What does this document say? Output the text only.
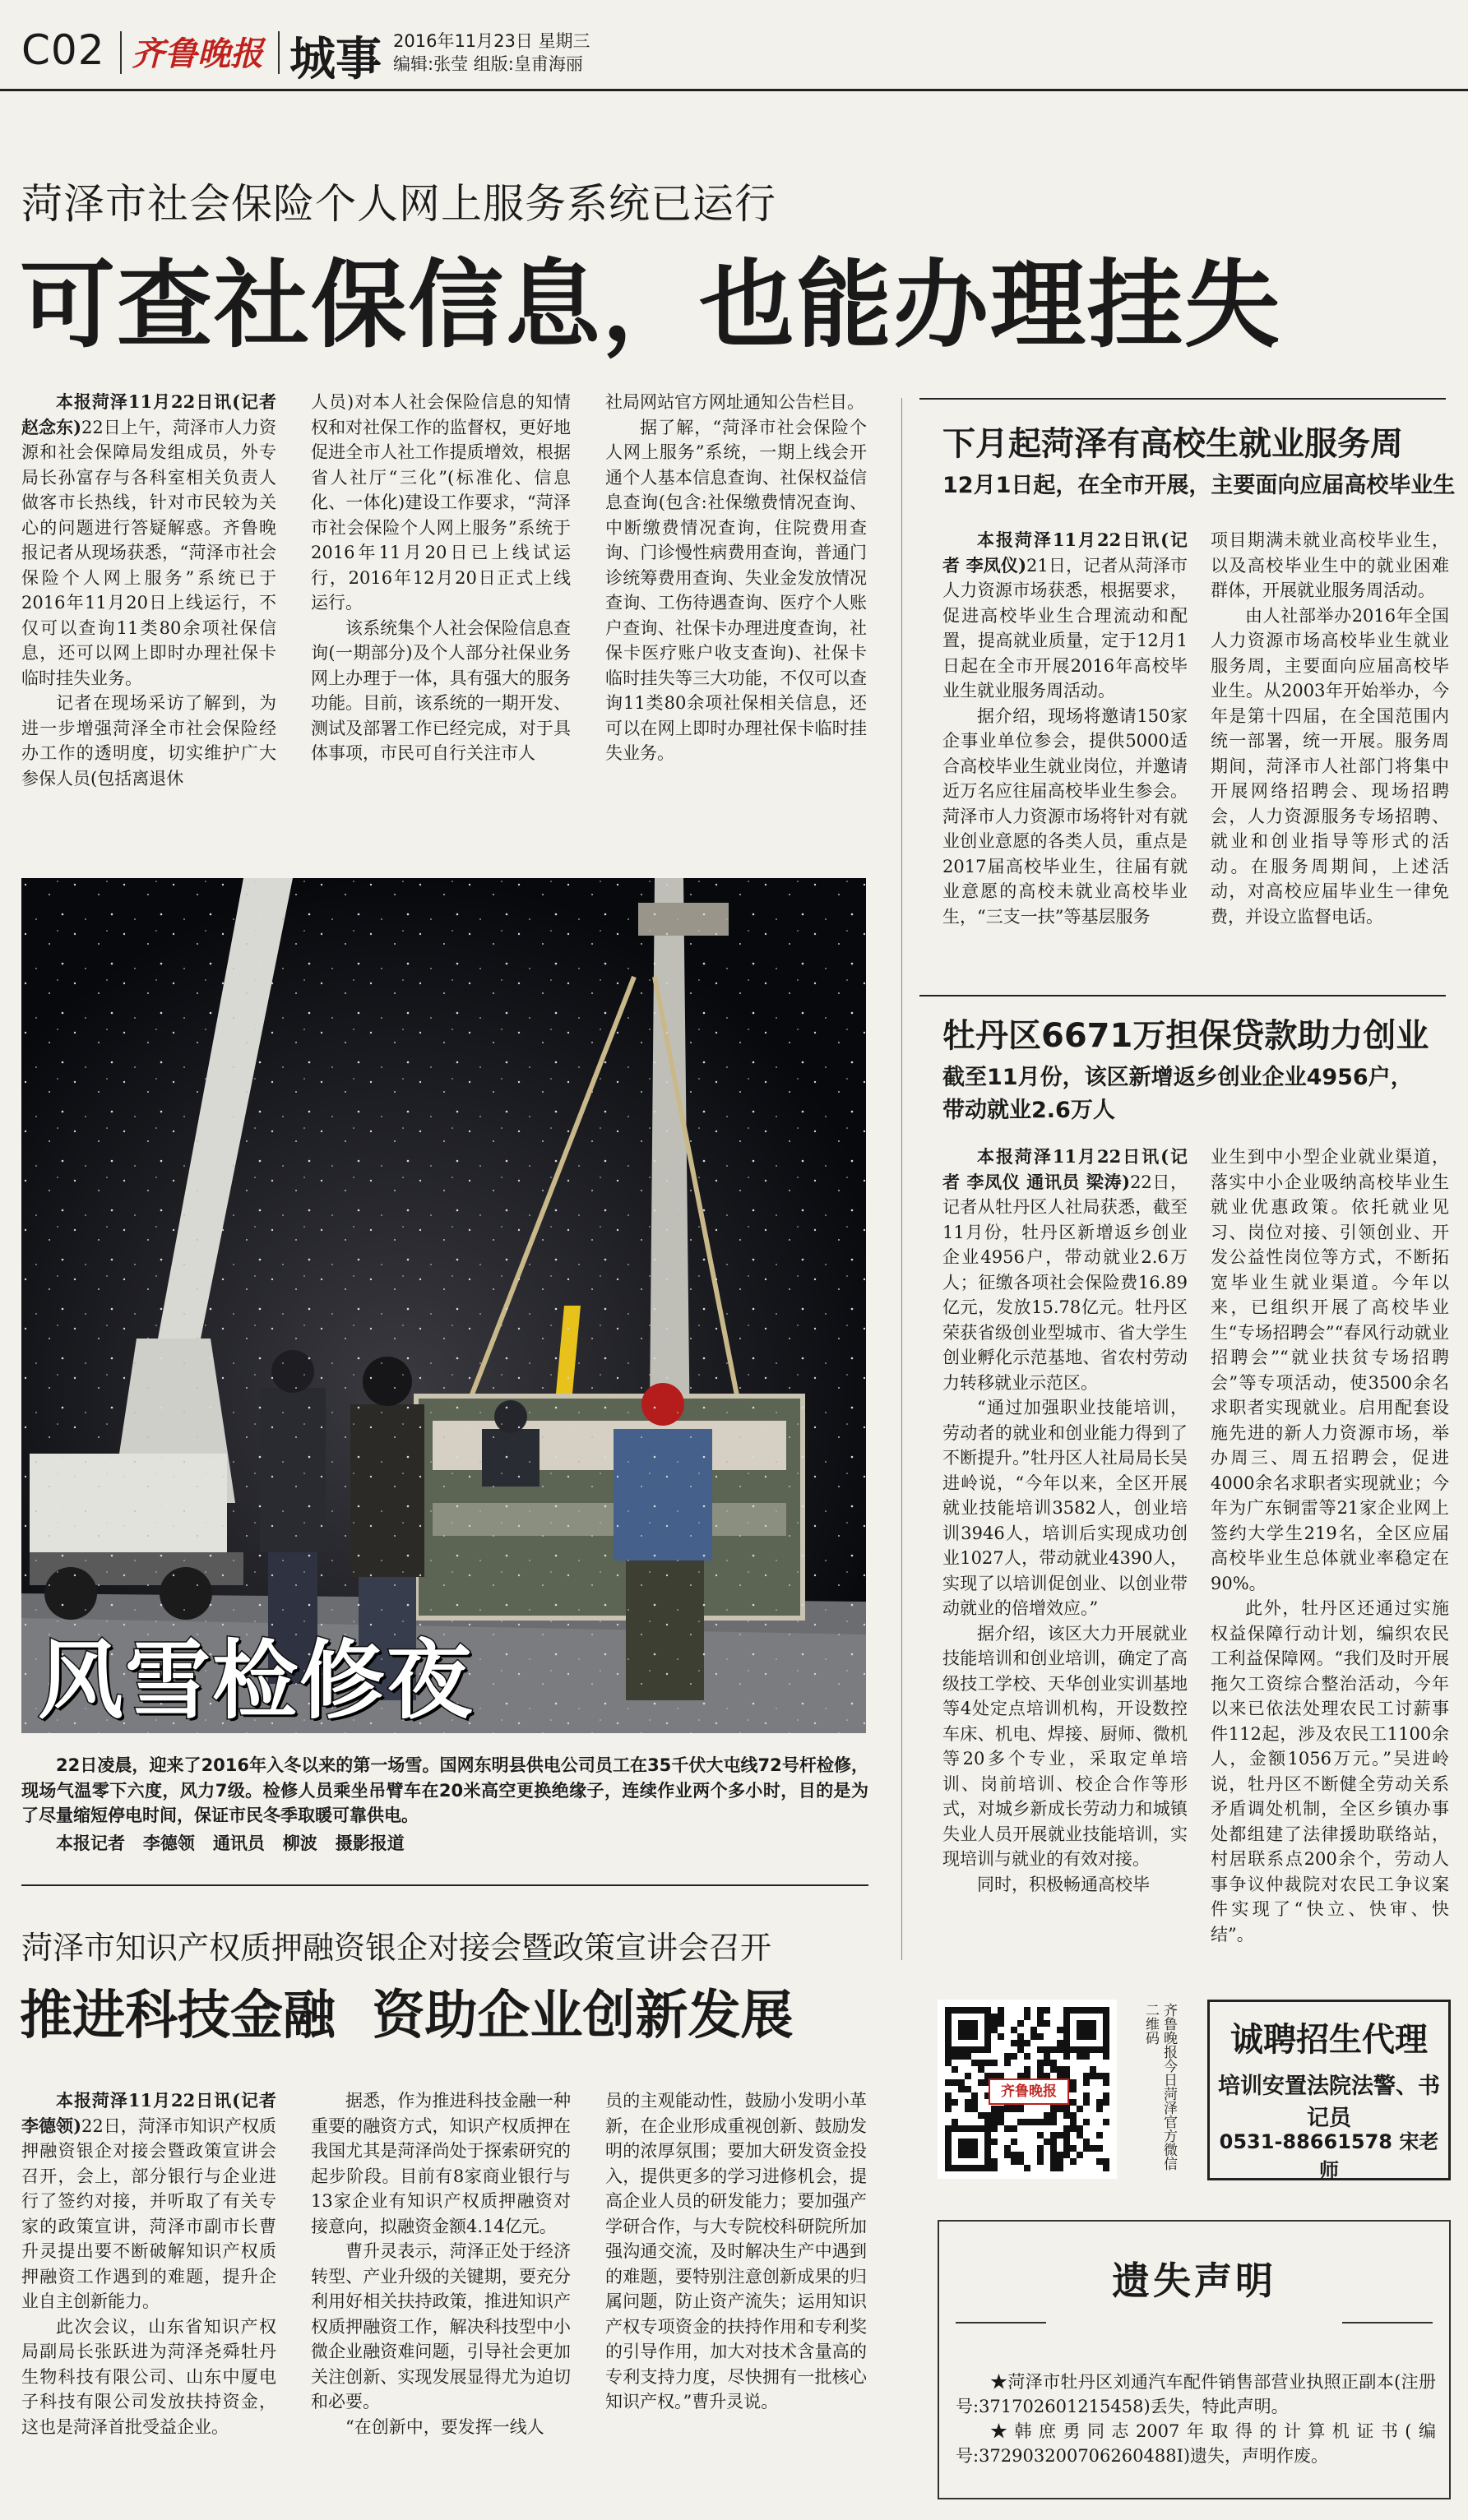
C02 齐鲁晚报 城事 2016年11月23日 星期三
编辑:张莹 组版:皇甫海丽
菏泽市社会保险个人网上服务系统已运行
可查社保信息，也能办理挂失

本报菏泽11月22日讯(记者 赵念东)22日上午，菏泽市人力资源和社会保障局发组成员，外专局长孙富存与各科室相关负责人做客市长热线，针对市民较为关心的问题进行答疑解惑。齐鲁晚报记者从现场获悉，“菏泽市社会保险个人网上服务”系统已于2016年11月20日上线运行，不仅可以查询11类80余项社保信息，还可以网上即时办理社保卡临时挂失业务。

记者在现场采访了解到，为进一步增强菏泽全市社会保险经办工作的透明度，切实维护广大参保人员(包括离退休

人员)对本人社会保险信息的知情权和对社保工作的监督权，更好地促进全市人社工作提质增效，根据省人社厅“三化”(标准化、信息化、一体化)建设工作要求，“菏泽市社会保险个人网上服务”系统于2016年11月20日已上线试运行，2016年12月20日正式上线运行。

该系统集个人社会保险信息查询(一期部分)及个人部分社保业务网上办理于一体，具有强大的服务功能。目前，该系统的一期开发、测试及部署工作已经完成，对于具体事项，市民可自行关注市人

社局网站官方网址通知公告栏目。

据了解，“菏泽市社会保险个人网上服务”系统，一期上线会开通个人基本信息查询、社保权益信息查询(包含:社保缴费情况查询、中断缴费情况查询，住院费用查询、门诊慢性病费用查询，普通门诊统筹费用查询、失业金发放情况查询、工伤待遇查询、医疗个人账户查询、社保卡办理进度查询，社保卡医疗账户收支查询)、社保卡临时挂失等三大功能，不仅可以查询11类80余项社保相关信息，还可以在网上即时办理社保卡临时挂失业务。

下月起菏泽有高校生就业服务周
12月1日起，在全市开展，主要面向应届高校毕业生

本报菏泽11月22日讯(记者 李凤仪)21日，记者从菏泽市人力资源市场获悉，根据要求，促进高校毕业生合理流动和配置，提高就业质量，定于12月1日起在全市开展2016年高校毕业生就业服务周活动。

据介绍，现场将邀请150家企事业单位参会，提供5000适合高校毕业生就业岗位，并邀请近万名应往届高校毕业生参会。菏泽市人力资源市场将针对有就业创业意愿的各类人员，重点是2017届高校毕业生，往届有就业意愿的高校未就业高校毕业生，“三支一扶”等基层服务

项目期满未就业高校毕业生，以及高校毕业生中的就业困难群体，开展就业服务周活动。

由人社部举办2016年全国人力资源市场高校毕业生就业服务周，主要面向应届高校毕业生。从2003年开始举办，今年是第十四届，在全国范围内统一部署，统一开展。服务周期间，菏泽市人社部门将集中开展网络招聘会、现场招聘会，人力资源服务专场招聘、就业和创业指导等形式的活动。在服务周期间，上述活动，对高校应届毕业生一律免费，并设立监督电话。

牡丹区6671万担保贷款助力创业
截至11月份，该区新增返乡创业企业4956户，
带动就业2.6万人

本报菏泽11月22日讯(记者 李凤仪 通讯员 梁涛)22日，记者从牡丹区人社局获悉，截至11月份，牡丹区新增返乡创业企业4956户，带动就业2.6万人；征缴各项社会保险费16.89亿元，发放15.78亿元。牡丹区荣获省级创业型城市、省大学生创业孵化示范基地、省农村劳动力转移就业示范区。

“通过加强职业技能培训，劳动者的就业和创业能力得到了不断提升。”牡丹区人社局局长吴进岭说，“今年以来，全区开展就业技能培训3582人，创业培训3946人，培训后实现成功创业1027人，带动就业4390人，实现了以培训促创业、以创业带动就业的倍增效应。”

据介绍，该区大力开展就业技能培训和创业培训，确定了高级技工学校、天华创业实训基地等4处定点培训机构，开设数控车床、机电、焊接、厨师、微机等20多个专业，采取定单培训、岗前培训、校企合作等形式，对城乡新成长劳动力和城镇失业人员开展就业技能培训，实现培训与就业的有效对接。

同时，积极畅通高校毕

业生到中小型企业就业渠道，落实中小企业吸纳高校毕业生就业优惠政策。依托就业见习、岗位对接、引领创业、开发公益性岗位等方式，不断拓宽毕业生就业渠道。今年以来，已组织开展了高校毕业生“专场招聘会”“春风行动就业招聘会”“就业扶贫专场招聘会”等专项活动，使3500余名求职者实现就业。启用配套设施先进的新人力资源市场，举办周三、周五招聘会，促进4000余名求职者实现就业；今年为广东铜雷等21家企业网上签约大学生219名，全区应届高校毕业生总体就业率稳定在90%。

此外，牡丹区还通过实施权益保障行动计划，编织农民工利益保障网。“我们及时开展拖欠工资综合整治活动，今年以来已依法处理农民工讨薪事件112起，涉及农民工1100余人，金额1056万元。”吴进岭说，牡丹区不断健全劳动关系矛盾调处机制，全区乡镇办事处都组建了法律援助联络站，村居联系点200余个，劳动人事争议仲裁院对农民工争议案件实现了“快立、快审、快结”。

风雪检修夜
22日凌晨，迎来了2016年入冬以来的第一场雪。国网东明县供电公司员工在35千伏大屯线72号杆检修，现场气温零下六度，风力7级。检修人员乘坐吊臂车在20米高空更换绝缘子，连续作业两个多小时，目的是为了尽量缩短停电时间，保证市民冬季取暖可靠供电。
本报记者   李德领   通讯员   柳波   摄影报道
菏泽市知识产权质押融资银企对接会暨政策宣讲会召开
推进科技金融  资助企业创新发展

本报菏泽11月22日讯(记者 李德领)22日，菏泽市知识产权质押融资银企对接会暨政策宣讲会召开，会上，部分银行与企业进行了签约对接，并听取了有关专家的政策宣讲，菏泽市副市长曹升灵提出要不断破解知识产权质押融资工作遇到的难题，提升企业自主创新能力。

此次会议，山东省知识产权局副局长张跃进为菏泽尧舜牡丹生物科技有限公司、山东中厦电子科技有限公司发放扶持资金，这也是菏泽首批受益企业。

据悉，作为推进科技金融一种重要的融资方式，知识产权质押在我国尤其是菏泽尚处于探索研究的起步阶段。目前有8家商业银行与13家企业有知识产权质押融资对接意向，拟融资金额4.14亿元。

曹升灵表示，菏泽正处于经济转型、产业升级的关键期，要充分利用好相关扶持政策，推进知识产权质押融资工作，解决科技型中小微企业融资难问题，引导社会更加关注创新、实现发展显得尤为迫切和必要。

“在创新中，要发挥一线人

员的主观能动性，鼓励小发明小革新，在企业形成重视创新、鼓励发明的浓厚氛围；要加大研发资金投入，提供更多的学习进修机会，提高企业人员的研发能力；要加强产学研合作，与大专院校科研院所加强沟通交流，及时解决生产中遇到的难题，要特别注意创新成果的归属问题，防止资产流失；运用知识产权专项资金的扶持作用和专利奖的引导作用，加大对技术含量高的专利支持力度，尽快拥有一批核心知识产权。”曹升灵说。

齐鲁晚报	齐鲁晚报今日菏泽官方微信二维码	诚聘招生代理
培训安置法院法警、书记员
0531-88661578 宋老师
遗失声明

★菏泽市牡丹区刘通汽车配件销售部营业执照正副本(注册号:371702601215458)丢失，特此声明。

★韩庶勇同志2007年取得的计算机证书(编号:372903200706260488I)遗失，声明作废。
